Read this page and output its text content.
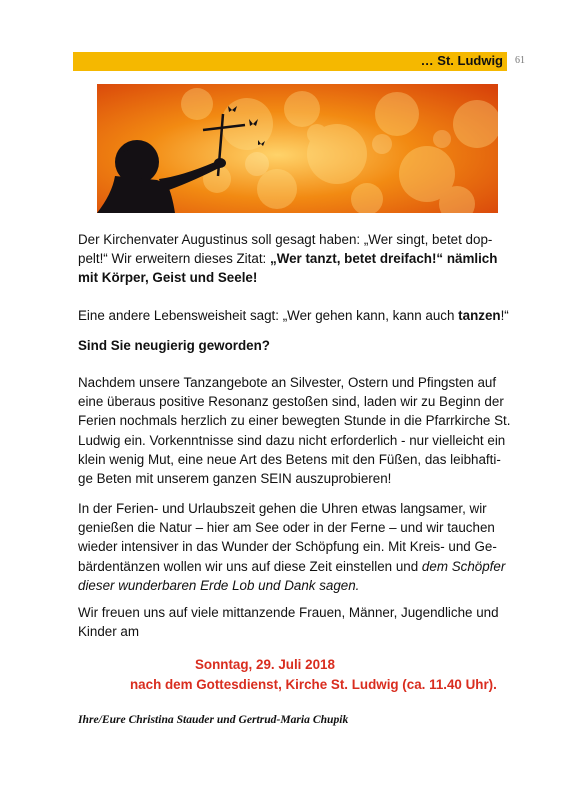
… St. Ludwig 61
Der Kirchenvater Augustinus soll gesagt haben: „Wer singt, betet dop-
pelt!“ Wir erweitern dieses Zitat: „Wer tanzt, betet dreifach!“ nämlich
mit Körper, Geist und Seele!
Eine andere Lebensweisheit sagt: „Wer gehen kann, kann auch tanzen!“
Sind Sie neugierig geworden?
Nachdem unsere Tanzangebote an Silvester, Ostern und Pfingsten auf
eine überaus positive Resonanz gestoßen sind, laden wir zu Beginn der
Ferien nochmals herzlich zu einer bewegten Stunde in die Pfarrkirche St.
Ludwig ein. Vorkenntnisse sind dazu nicht erforderlich - nur vielleicht ein
klein wenig Mut, eine neue Art des Betens mit den Füßen, das leibhafti-
ge Beten mit unserem ganzen SEIN auszuprobieren!
In der Ferien- und Urlaubszeit gehen die Uhren etwas langsamer, wir
genießen die Natur – hier am See oder in der Ferne – und wir tauchen
wieder intensiver in das Wunder der Schöpfung ein. Mit Kreis- und Ge-
bärdentänzen wollen wir uns auf diese Zeit einstellen und dem Schöpfer
dieser wunderbaren Erde Lob und Dank sagen.
Wir freuen uns auf viele mittanzende Frauen, Männer, Jugendliche und
Kinder am
Sonntag, 29. Juli 2018
nach dem Gottesdienst, Kirche St. Ludwig (ca. 11.40 Uhr).
Ihre/Eure Christina Stauder und Gertrud-Maria Chupik
